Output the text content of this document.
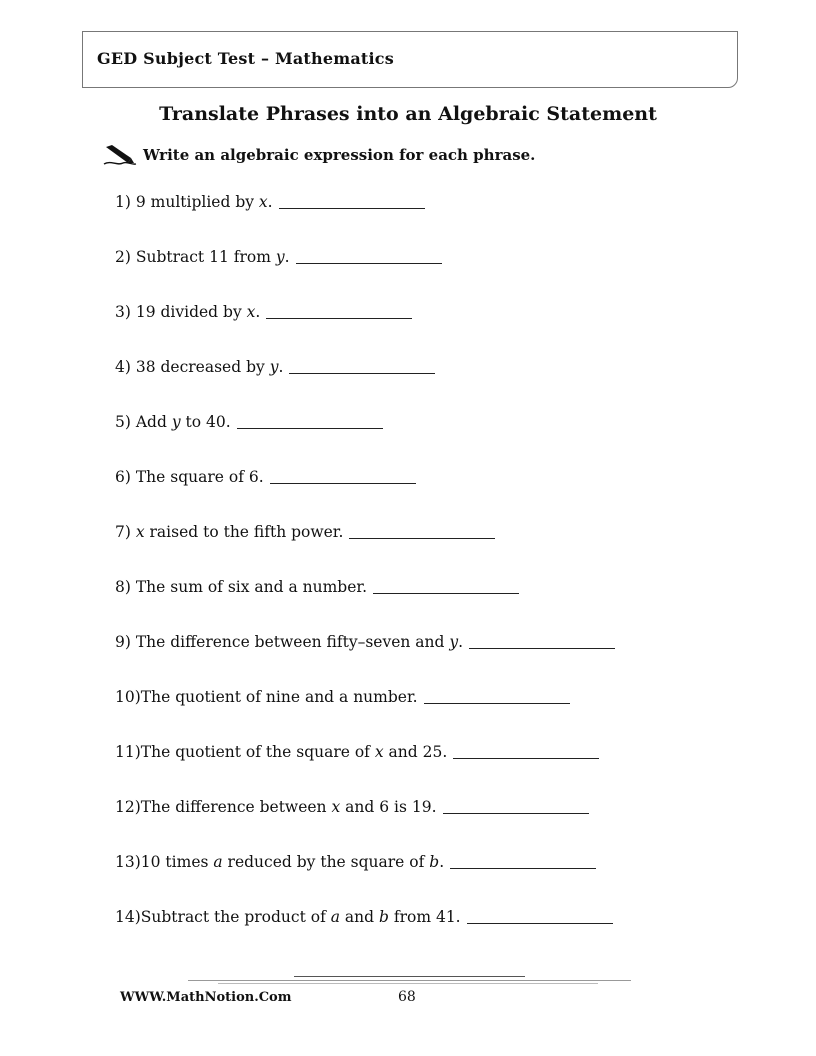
GED Subject Test – Mathematics
Translate Phrases into an Algebraic Statement
Write an algebraic expression for each phrase.
1) 9 multiplied by x.
2) Subtract 11 from y.
3) 19 divided by x.
4) 38 decreased by y.
5) Add y to 40.
6) The square of 6.
7) x raised to the fifth power.
8) The sum of six and a number.
9) The difference between fifty–seven and y.
10) The quotient of nine and a number.
11) The quotient of the square of x and 25.
12) The difference between x and 6 is 19.
13) 10 times a reduced by the square of b.
14) Subtract the product of a and b from 41.
WWW.MathNotion.Com	68
